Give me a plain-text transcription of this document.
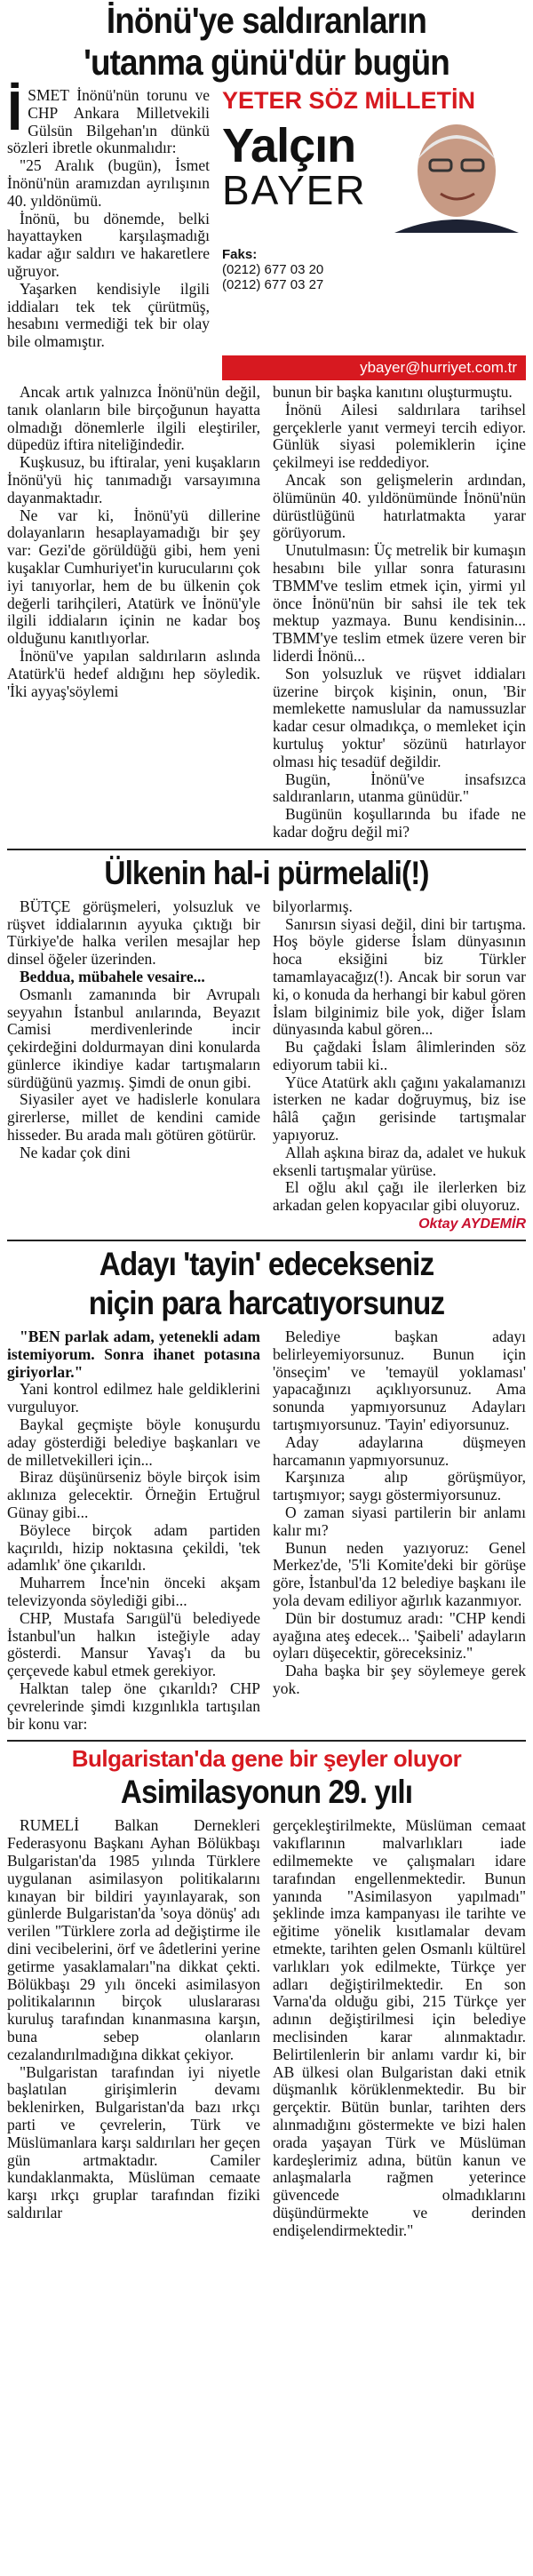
İnönü'ye saldıranların
'utanma günü'dür bugün
İ SMET İnönü'nün torunu ve CHP Ankara Milletvekili Gülsün Bilgehan'ın dünkü sözleri ibretle okunmalıdır:

"25 Aralık (bugün), İsmet İnönü'nün aramızdan ayrılışının 40. yıldönümü.

İnönü, bu dönemde, belki hayattayken karşılaşmadığı kadar ağır saldırı ve hakaretlere uğruyor.

Yaşarken kendisiyle ilgili iddiaları tek tek çürütmüş, hesabını vermediği tek bir olay bile olmamıştır.

YETER SÖZ MİLLETİN
Yalçın
BAYER
Faks:
(0212) 677 03 20
(0212) 677 03 27
ybayer@hurriyet.com.tr

Ancak artık yalnızca İnönü'nün değil, tanık olanların bile birçoğunun hayatta olmadığı dönemlerle ilgili eleştiriler, düpedüz iftira niteliğindedir.

Kuşkusuz, bu iftiralar, yeni kuşakların İnönü'yü hiç tanımadığı varsayımına dayanmaktadır.

Ne var ki, İnönü'yü dillerine dolayanların hesaplayamadığı bir şey var: Gezi'de görüldüğü gibi, hem yeni kuşaklar Cumhuriyet'in kurucularını çok iyi tanıyorlar, hem de bu ülkenin çok değerli tarihçileri, Atatürk ve İnönü'yle ilgili iddiaların içinin ne kadar boş olduğunu kanıtlıyorlar.

İnönü've yapılan saldırıların aslında Atatürk'ü hedef aldığını hep söyledik. 'İki ayyaş'söylemi

bunun bir başka kanıtını oluşturmuştu.

İnönü Ailesi saldırılara tarihsel gerçeklerle yanıt vermeyi tercih ediyor. Günlük siyasi polemiklerin içine çekilmeyi ise reddediyor.

Ancak son gelişmelerin ardından, ölümünün 40. yıldönümünde İnönü'nün dürüstlüğünü hatırlatmakta yarar görüyorum.

Unutulmasın: Üç metrelik bir kumaşın hesabını bile yıllar sonra faturasını TBMM've teslim etmek için, yirmi yıl önce İnönü'nün bir sahsi ile tek tek mektup yazmaya. Bunu kendisinin... TBMM'ye teslim etmek üzere veren bir liderdi İnönü...

Son yolsuzluk ve rüşvet iddiaları üzerine birçok kişinin, onun, 'Bir memlekette namuslular da namussuzlar kadar cesur olmadıkça, o memleket için kurtuluş yoktur' sözünü hatırlayor olması hiç tesadüf değildir.

Bugün, İnönü've insafsızca saldıranların, utanma günüdür."

Bugünün koşullarında bu ifade ne kadar doğru değil mi?

Ülkenin hal-i pürmelali(!)

BÜTÇE görüşmeleri, yolsuzluk ve rüşvet iddialarının ayyuka çıktığı bir Türkiye'de halka verilen mesajlar hep dinsel öğeler üzerinden.

Beddua, mübahele vesaire...

Osmanlı zamanında bir Avrupalı seyyahın İstanbul anılarında, Beyazıt Camisi merdivenlerinde incir çekirdeğini doldurmayan dini konularda günlerce ikindiye kadar tartışmaların sürdüğünü yazmış. Şimdi de onun gibi.

Siyasiler ayet ve hadislerle konulara girerlerse, millet de kendini camide hisseder. Bu arada malı götüren götürür.

Ne kadar çok dini

bilyorlarmış.

Sanırsın siyasi değil, dini bir tartışma. Hoş böyle giderse İslam dünyasının hoca eksiğini biz Türkler tamamlayacağız(!). Ancak bir sorun var ki, o konuda da herhangi bir kabul gören İslam bilginimiz bile yok, diğer İslam dünyasında kabul gören...

Bu çağdaki İslam âlimlerinden söz ediyorum tabii ki..

Yüce Atatürk aklı çağını yakalamanızı isterken ne kadar doğruymuş, biz ise hâlâ çağın gerisinde tartışmalar yapıyoruz.

Allah aşkına biraz da, adalet ve hukuk eksenli tartışmalar yürüse.

El oğlu akıl çağı ile ilerlerken biz arkadan gelen kopyacılar gibi oluyoruz.

Oktay AYDEMİR
Adayı 'tayin' edecekseniz
niçin para harcatıyorsunuz

"BEN parlak adam, yetenekli adam istemiyorum. Sonra ihanet potasına giriyorlar."

Yani kontrol edilmez hale geldiklerini vurguluyor.

Baykal geçmişte böyle konuşurdu aday gösterdiği belediye başkanları ve de milletvekilleri için...

Biraz düşünürseniz böyle birçok isim aklınıza gelecektir. Örneğin Ertuğrul Günay gibi...

Böylece birçok adam partiden kaçırıldı, hizip noktasına çekildi, 'tek adamlık' öne çıkarıldı.

Muharrem İnce'nin önceki akşam televizyonda söylediği gibi...

CHP, Mustafa Sarıgül'ü belediyede İstanbul'un halkın isteğiyle aday gösterdi. Mansur Yavaş'ı da bu çerçevede kabul etmek gerekiyor.

Halktan talep öne çıkarıldı? CHP çevrelerinde şimdi kızgınlıkla tartışılan bir konu var:

Belediye başkan adayı belirleyemiyorsunuz. Bunun için 'önseçim' ve 'temayül yoklaması' yapacağınızı açıklıyorsunuz. Ama sonunda yapmıyorsunuz Adayları tartışmıyorsunuz. 'Tayin' ediyorsunuz.

Aday adaylarına düşmeyen harcamanın yapmıyorsunuz.

Karşınıza alıp görüşmüyor, tartışmıyor; saygı göstermiyorsunuz.

O zaman siyasi partilerin bir anlamı kalır mı?

Bunun neden yazıyoruz: Genel Merkez'de, '5'li Komite'deki bir görüşe göre, İstanbul'da 12 belediye başkanı ile yola devam ediliyor ağırlık kazanmıyor.

Dün bir dostumuz aradı: "CHP kendi ayağına ateş edecek... 'Şaibeli' adayların oyları düşecektir, göreceksiniz."

Daha başka bir şey söylemeye gerek yok.

Bulgaristan'da gene bir şeyler oluyor
Asimilasyonun 29. yılı

RUMELİ Balkan Dernekleri Federasyonu Başkanı Ayhan Bölükbaşı Bulgaristan'da 1985 yılında Türklere uygulanan asimilasyon politikalarını kınayan bir bildiri yayınlayarak, son günlerde Bulgaristan'da 'soya dönüş' adı verilen "Türklere zorla ad değiştirme ile dini vecibelerini, örf ve âdetlerini yerine getirme yasaklamaları"na dikkat çekti. Bölükbaşı 29 yılı önceki asimilasyon politikalarının birçok uluslararası kuruluş tarafından kınanmasına karşın, buna sebep olanların cezalandırılmadığına dikkat çekiyor.

"Bulgaristan tarafından iyi niyetle başlatılan girişimlerin devamı beklenirken, Bulgaristan'da bazı ırkçı parti ve çevrelerin, Türk ve Müslümanlara karşı saldırıları her geçen gün artmaktadır. Camiler kundaklanmakta, Müslüman cemaate karşı ırkçı gruplar tarafından fiziki saldırılar

gerçekleştirilmekte, Müslüman cemaat vakıflarının malvarlıkları iade edilmemekte ve çalışmaları idare tarafından engellenmektedir. Bunun yanında "Asimilasyon yapılmadı" şeklinde imza kampanyası ile tarihte ve eğitime yönelik kısıtlamalar devam etmekte, tarihten gelen Osmanlı kültürel varlıkları yok edilmekte, Türkçe yer adları değiştirilmektedir. En son Varna'da olduğu gibi, 215 Türkçe yer adının değiştirilmesi için belediye meclisinden karar alınmaktadır. Belirtilenlerin bir anlamı vardır ki, bir AB ülkesi olan Bulgaristan daki etnik düşmanlık körüklenmektedir. Bu bir gerçektir. Bütün bunlar, tarihten ders alınmadığını göstermekte ve bizi halen orada yaşayan Türk ve Müslüman kardeşlerimiz adına, bütün kanun ve anlaşmalarla rağmen yeterince güvencede olmadıklarını düşündürmekte ve derinden endişelendirmektedir."
